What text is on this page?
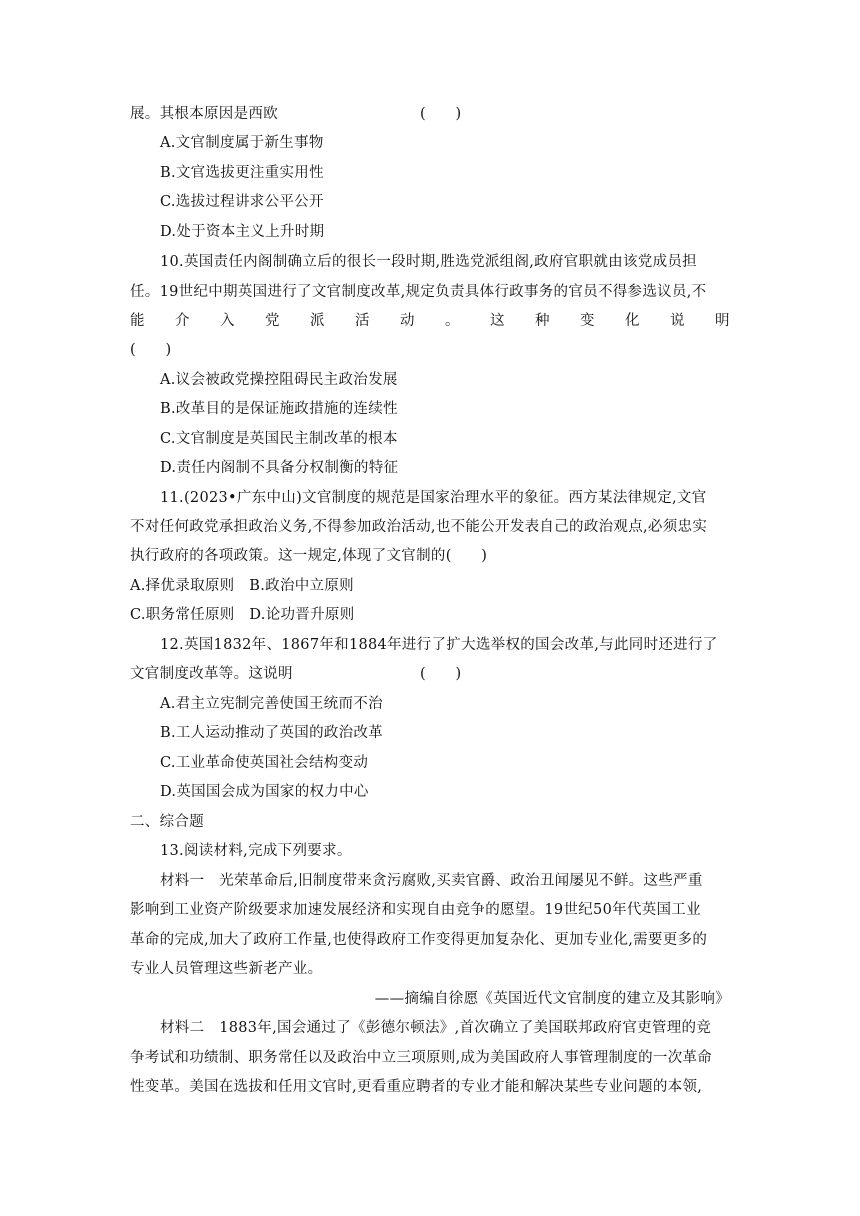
展。其根本原因是西欧	(　　)
A.文官制度属于新生事物
B.文官选拔更注重实用性
C.选拔过程讲求公平公开
D.处于资本主义上升时期
10.英国责任内阁制确立后的很长一段时期,胜选党派组阁,政府官职就由该党成员担
任。19世纪中期英国进行了文官制度改革,规定负责具体行政事务的官员不得参选议员,不
能 介 入 党 派 活 动 。 这 种 变 化 说 明
(　　)
A.议会被政党操控阻碍民主政治发展
B.改革目的是保证施政措施的连续性
C.文官制度是英国民主制改革的根本
D.责任内阁制不具备分权制衡的特征
11.(2023•广东中山)文官制度的规范是国家治理水平的象征。西方某法律规定,文官
不对任何政党承担政治义务,不得参加政治活动,也不能公开发表自己的政治观点,必须忠实
执行政府的各项政策。这一规定,体现了文官制的(　　)
A.择优录取原则　B.政治中立原则
C.职务常任原则　D.论功晋升原则
12.英国1832年、1867年和1884年进行了扩大选举权的国会改革,与此同时还进行了
文官制度改革等。这说明	(　　)
A.君主立宪制完善使国王统而不治
B.工人运动推动了英国的政治改革
C.工业革命使英国社会结构变动
D.英国国会成为国家的权力中心
二、综合题
13.阅读材料,完成下列要求。
材料一　光荣革命后,旧制度带来贪污腐败,买卖官爵、政治丑闻屡见不鲜。这些严重
影响到工业资产阶级要求加速发展经济和实现自由竞争的愿望。19世纪50年代英国工业
革命的完成,加大了政府工作量,也使得政府工作变得更加复杂化、更加专业化,需要更多的
专业人员管理这些新老产业。
——摘编自徐愿《英国近代文官制度的建立及其影响》
材料二　1883年,国会通过了《彭德尔顿法》,首次确立了美国联邦政府官吏管理的竞
争考试和功绩制、职务常任以及政治中立三项原则,成为美国政府人事管理制度的一次革命
性变革。美国在选拔和任用文官时,更看重应聘者的专业才能和解决某些专业问题的本领,
